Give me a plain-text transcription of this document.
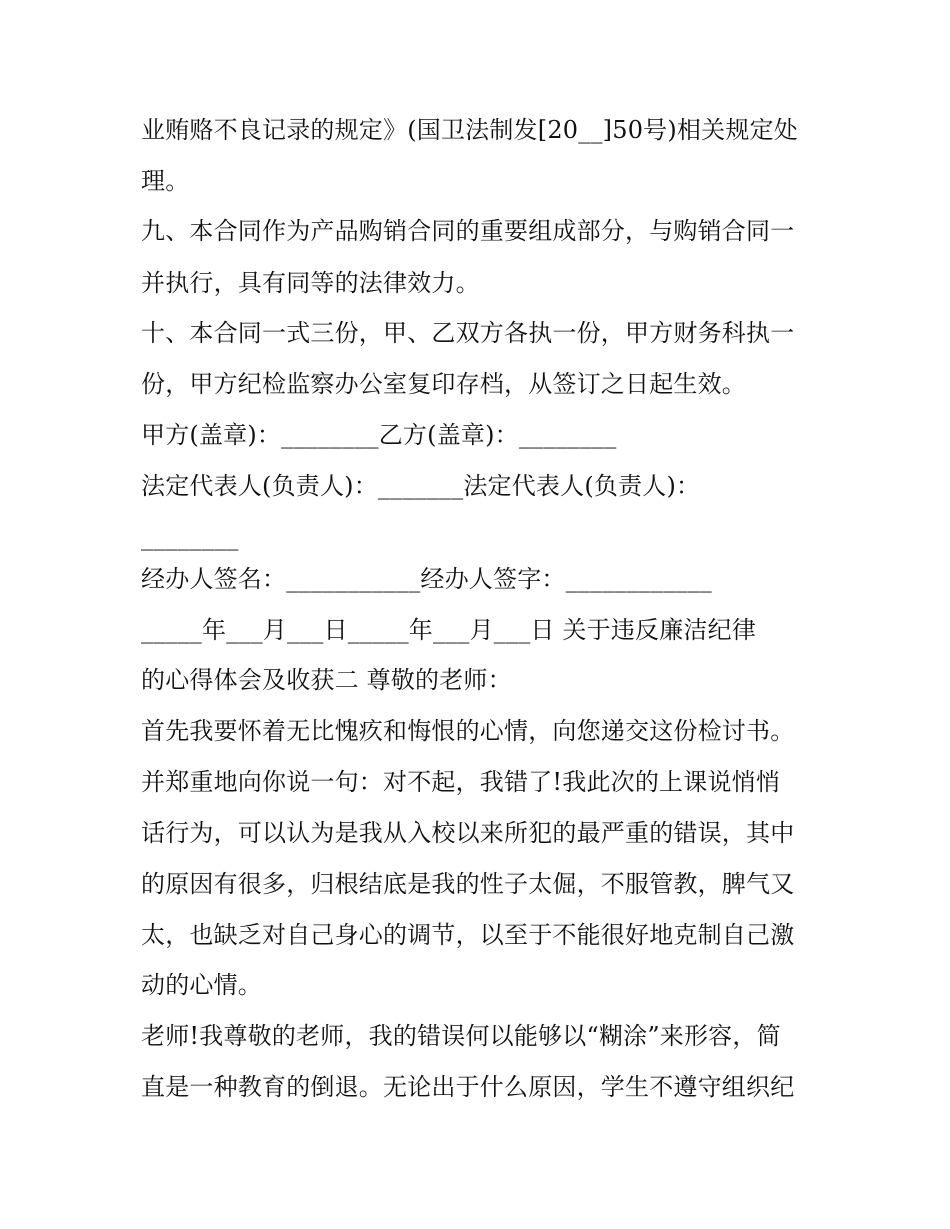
业贿赂不良记录的规定》(国卫法制发[20__]50号)相关规定处
理。
九、本合同作为产品购销合同的重要组成部分，与购销合同一
并执行，具有同等的法律效力。
十、本合同一式三份，甲、乙双方各执一份，甲方财务科执一
份，甲方纪检监察办公室复印存档，从签订之日起生效。
甲方(盖章)：________乙方(盖章)：________
法定代表人(负责人)：_______法定代表人(负责人)：
________
经办人签名：___________经办人签字：____________
_____年___月___日_____年___月___日 关于违反廉洁纪律
的心得体会及收获二 尊敬的老师：
首先我要怀着无比愧疚和悔恨的心情，向您递交这份检讨书。
并郑重地向你说一句：对不起，我错了!我此次的上课说悄悄
话行为，可以认为是我从入校以来所犯的最严重的错误，其中
的原因有很多，归根结底是我的性子太倔，不服管教，脾气又
太，也缺乏对自己身心的调节，以至于不能很好地克制自己激
动的心情。
老师!我尊敬的老师，我的错误何以能够以“糊涂”来形容，简
直是一种教育的倒退。无论出于什么原因，学生不遵守组织纪
